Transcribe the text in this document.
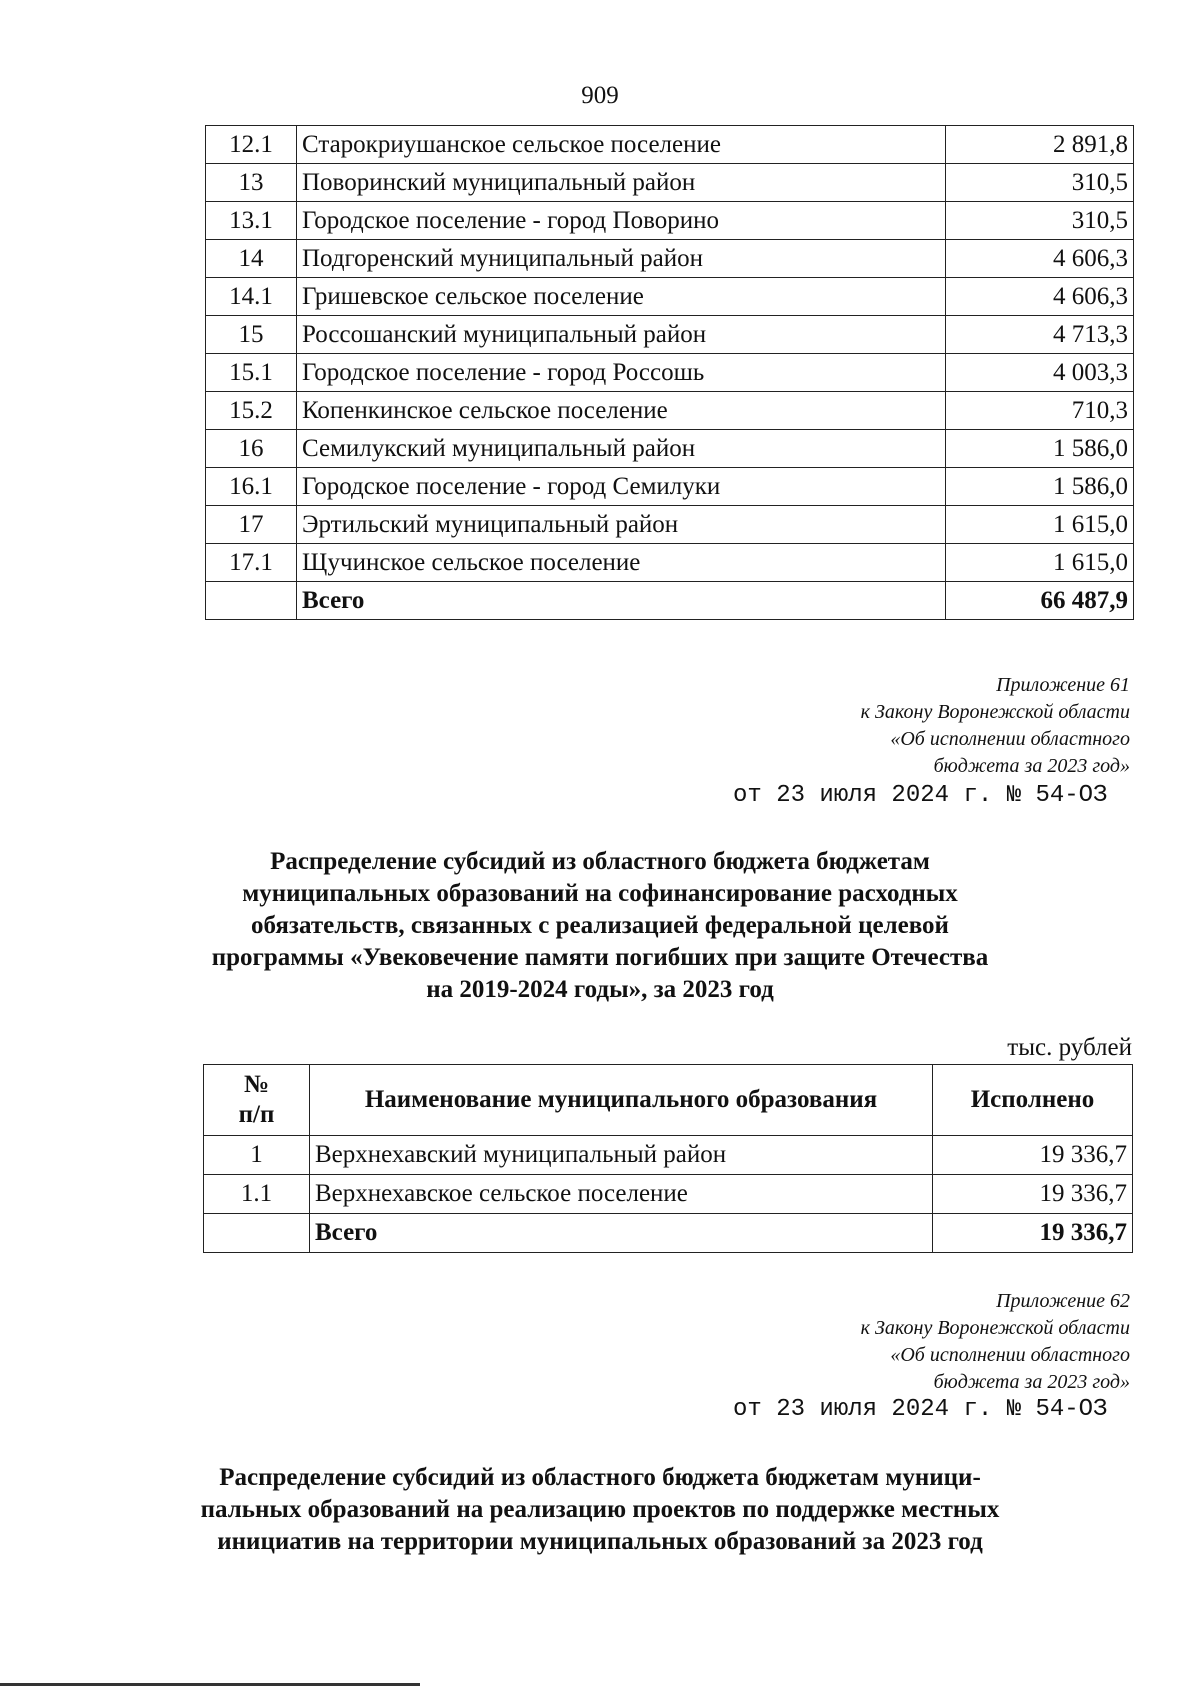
909
12.1	Старокриушанское сельское поселение	2 891,8
13	Поворинский муниципальный район	310,5
13.1	Городское поселение - город Поворино	310,5
14	Подгоренский муниципальный район	4 606,3
14.1	Гришевское сельское поселение	4 606,3
15	Россошанский муниципальный район	4 713,3
15.1	Городское поселение - город Россошь	4 003,3
15.2	Копенкинское сельское поселение	710,3
16	Семилукский муниципальный район	1 586,0
16.1	Городское поселение - город Семилуки	1 586,0
17	Эртильский муниципальный район	1 615,0
17.1	Щучинское сельское поселение	1 615,0
	Всего	66 487,9
Приложение 61
к Закону Воронежской области
«Об исполнении областного
бюджета за 2023 год»
от 23 июля 2024 г. № 54-ОЗ
Распределение субсидий из областного бюджета бюджетам
муниципальных образований на софинансирование расходных
обязательств, связанных с реализацией федеральной целевой
программы «Увековечение памяти погибших при защите Отечества
на 2019-2024 годы», за 2023 год
тыс. рублей
№
п/п	Наименование муниципального образования	Исполнено
1	Верхнехавский муниципальный район	19 336,7
1.1	Верхнехавское сельское поселение	19 336,7
	Всего	19 336,7
Приложение 62
к Закону Воронежской области
«Об исполнении областного
бюджета за 2023 год»
от 23 июля 2024 г. № 54-ОЗ
Распределение субсидий из областного бюджета бюджетам муници-
пальных образований на реализацию проектов по поддержке местных
инициатив на территории муниципальных образований за 2023 год
